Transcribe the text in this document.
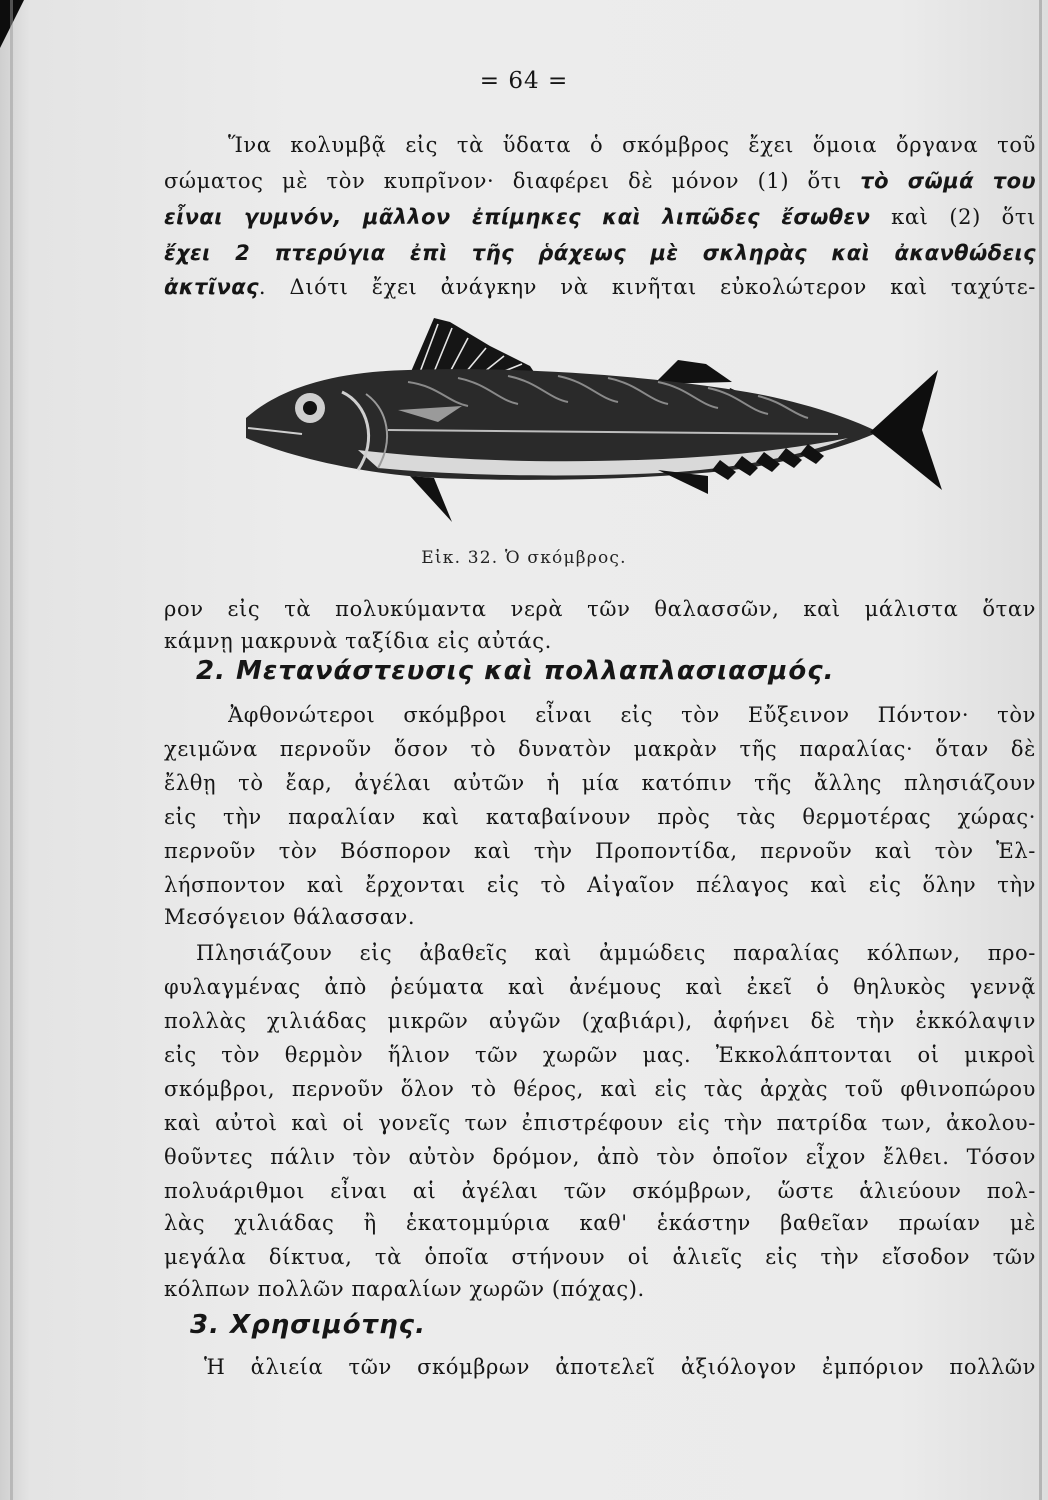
= 64 =
Ἵνα κολυμβᾷ εἰς τὰ ὕδατα ὁ σκόμβρος ἔχει ὅμοια ὄργανα τοῦ
σώματος μὲ τὸν κυπρῖνον· διαφέρει δὲ μόνον (1) ὅτι τὸ σῶμά του
εἶναι γυμνόν, μᾶλλον ἐπίμηκες καὶ λιπῶδες ἔσωθεν καὶ (2) ὅτι
ἔχει 2 πτερύγια ἐπὶ τῆς ῥάχεως μὲ σκληρὰς καὶ ἀκανθώδεις
ἀκτῖνας. Διότι ἔχει ἀνάγκην νὰ κινῆται εὐκολώτερον καὶ ταχύτε-
Εἰκ. 32. Ὁ σκόμβρος.
ρον εἰς τὰ πολυκύμαντα νερὰ τῶν θαλασσῶν, καὶ μάλιστα ὅταν
κάμνῃ μακρυνὰ ταξίδια εἰς αὐτάς.
2. Μετανάστευσις καὶ πολλαπλασιασμός.
Ἀφθονώτεροι σκόμβροι εἶναι εἰς τὸν Εὔξεινον Πόντον· τὸν
χειμῶνα περνοῦν ὅσον τὸ δυνατὸν μακρὰν τῆς παραλίας· ὅταν δὲ
ἔλθῃ τὸ ἔαρ, ἀγέλαι αὐτῶν ἡ μία κατόπιν τῆς ἄλλης πλησιάζουν
εἰς τὴν παραλίαν καὶ καταβαίνουν πρὸς τὰς θερμοτέρας χώρας·
περνοῦν τὸν Βόσπορον καὶ τὴν Προποντίδα, περνοῦν καὶ τὸν Ἑλ-
λήσποντον καὶ ἔρχονται εἰς τὸ Αἰγαῖον πέλαγος καὶ εἰς ὅλην τὴν
Μεσόγειον θάλασσαν.
Πλησιάζουν εἰς ἀβαθεῖς καὶ ἀμμώδεις παραλίας κόλπων, προ-
φυλαγμένας ἀπὸ ῥεύματα καὶ ἀνέμους καὶ ἐκεῖ ὁ θηλυκὸς γεννᾷ
πολλὰς χιλιάδας μικρῶν αὐγῶν (χαβιάρι), ἀφήνει δὲ τὴν ἐκκόλαψιν
εἰς τὸν θερμὸν ἥλιον τῶν χωρῶν μας. Ἐκκολάπτονται οἱ μικροὶ
σκόμβροι, περνοῦν ὅλον τὸ θέρος, καὶ εἰς τὰς ἀρχὰς τοῦ φθινοπώρου
καὶ αὐτοὶ καὶ οἱ γονεῖς των ἐπιστρέφουν εἰς τὴν πατρίδα των, ἀκολου-
θοῦντες πάλιν τὸν αὐτὸν δρόμον, ἀπὸ τὸν ὁποῖον εἶχον ἔλθει. Τόσον
πολυάριθμοι εἶναι αἱ ἀγέλαι τῶν σκόμβρων, ὥστε ἁλιεύουν πολ-
λὰς χιλιάδας ἢ ἑκατομμύρια καθ' ἑκάστην βαθεῖαν πρωίαν μὲ
μεγάλα δίκτυα, τὰ ὁποῖα στήνουν οἱ ἁλιεῖς εἰς τὴν εἴσοδον τῶν
κόλπων πολλῶν παραλίων χωρῶν (πόχας).
3. Χρησιμότης.
Ἡ ἁλιεία τῶν σκόμβρων ἀποτελεῖ ἀξιόλογον ἐμπόριον πολλῶν
